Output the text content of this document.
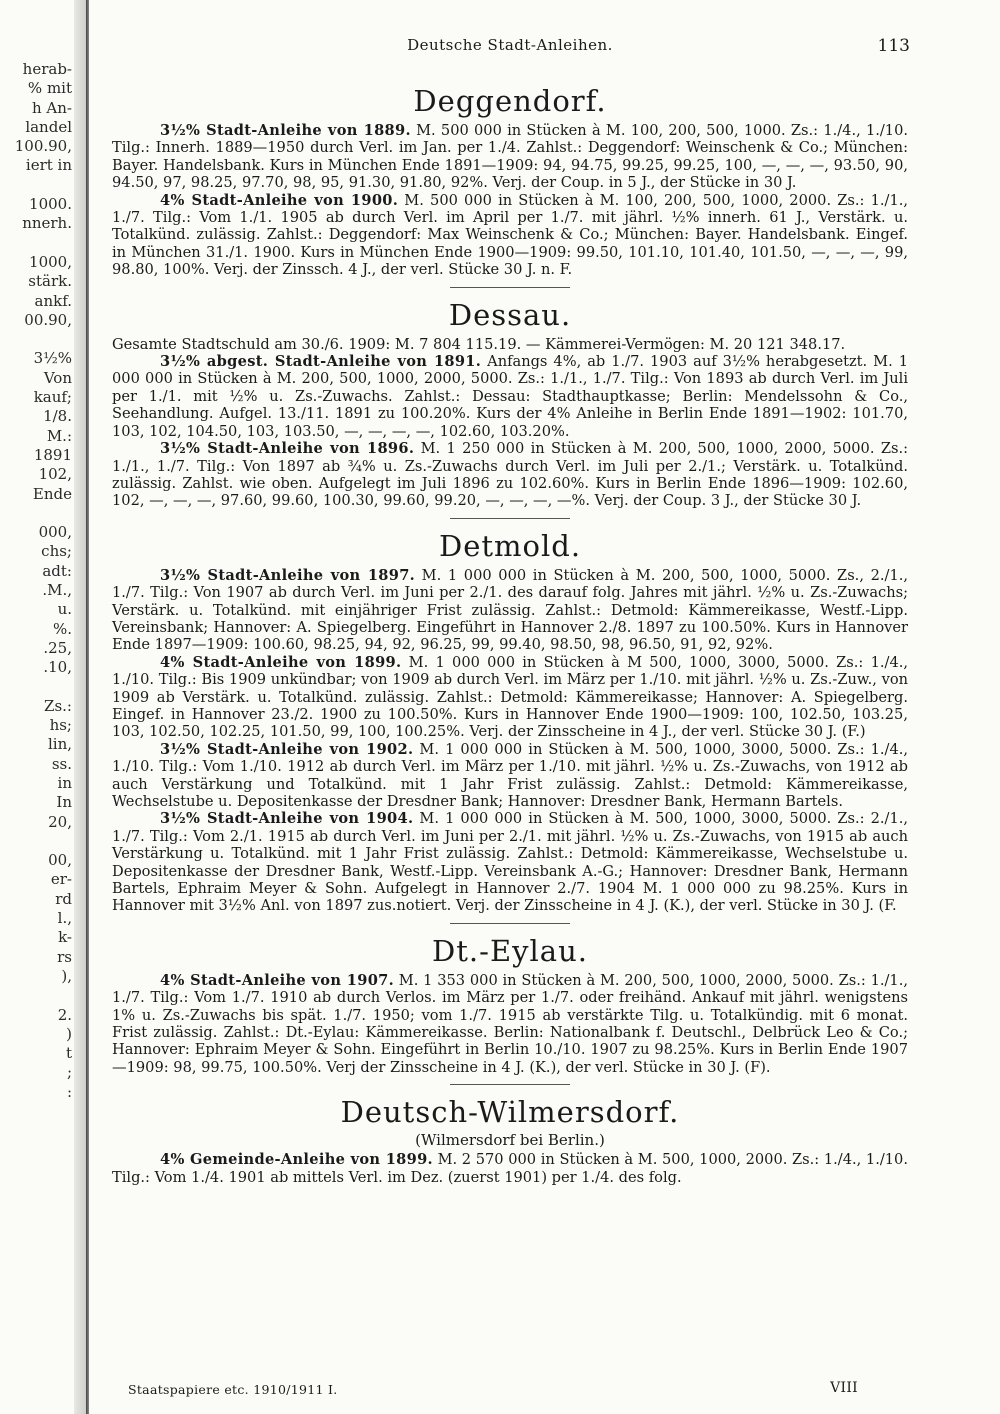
herab-
% mit
h An-
landel
100.90,
iert in
1000.
nnerh.
1000,
stärk.
ankf.
00.90,
3½%
Von
kauf;
1/8.
M.:
1891
102,
Ende
000,
chs;
adt:
.M.,
u.
%.
.25,
.10,
Zs.:
hs;
lin,
ss.
in
In
20,
00,
er-
rd
l.,
k-
rs
),
2.
)
t
;
:
Deutsche Stadt-Anleihen.	113
Deggendorf.

3½% Stadt-Anleihe von 1889. M. 500 000 in Stücken à M. 100, 200, 500, 1000. Zs.: 1./4., 1./10. Tilg.: Innerh. 1889—1950 durch Verl. im Jan. per 1./4. Zahlst.: Deggendorf: Weinschenk & Co.; München: Bayer. Handelsbank. Kurs in München Ende 1891—1909: 94, 94.75, 99.25, 99.25, 100, —, —, —, 93.50, 90, 94.50, 97, 98.25, 97.70, 98, 95, 91.30, 91.80, 92%. Verj. der Coup. in 5 J., der Stücke in 30 J.

4% Stadt-Anleihe von 1900. M. 500 000 in Stücken à M. 100, 200, 500, 1000, 2000. Zs.: 1./1., 1./7. Tilg.: Vom 1./1. 1905 ab durch Verl. im April per 1./7. mit jährl. ½% innerh. 61 J., Verstärk. u. Totalkünd. zulässig. Zahlst.: Deggendorf: Max Weinschenk & Co.; München: Bayer. Handelsbank. Eingef. in München 31./1. 1900. Kurs in München Ende 1900—1909: 99.50, 101.10, 101.40, 101.50, —, —, —, 99, 98.80, 100%. Verj. der Zinssch. 4 J., der verl. Stücke 30 J. n. F.

Dessau.

Gesamte Stadtschuld am 30./6. 1909: M. 7 804 115.19. — Kämmerei-Vermögen: M. 20 121 348.17.

3½% abgest. Stadt-Anleihe von 1891. Anfangs 4%, ab 1./7. 1903 auf 3½% herabgesetzt. M. 1 000 000 in Stücken à M. 200, 500, 1000, 2000, 5000. Zs.: 1./1., 1./7. Tilg.: Von 1893 ab durch Verl. im Juli per 1./1. mit ½% u. Zs.-Zuwachs. Zahlst.: Dessau: Stadthauptkasse; Berlin: Mendelssohn & Co., Seehandlung. Aufgel. 13./11. 1891 zu 100.20%. Kurs der 4% Anleihe in Berlin Ende 1891—1902: 101.70, 103, 102, 104.50, 103, 103.50, —, —, —, —, 102.60, 103.20%.

3½% Stadt-Anleihe von 1896. M. 1 250 000 in Stücken à M. 200, 500, 1000, 2000, 5000. Zs.: 1./1., 1./7. Tilg.: Von 1897 ab ¾% u. Zs.-Zuwachs durch Verl. im Juli per 2./1.; Verstärk. u. Totalkünd. zulässig. Zahlst. wie oben. Aufgelegt im Juli 1896 zu 102.60%. Kurs in Berlin Ende 1896—1909: 102.60, 102, —, —, —, 97.60, 99.60, 100.30, 99.60, 99.20, —, —, —, —%. Verj. der Coup. 3 J., der Stücke 30 J.

Detmold.

3½% Stadt-Anleihe von 1897. M. 1 000 000 in Stücken à M. 200, 500, 1000, 5000. Zs., 2./1., 1./7. Tilg.: Von 1907 ab durch Verl. im Juni per 2./1. des darauf folg. Jahres mit jährl. ½% u. Zs.-Zuwachs; Verstärk. u. Totalkünd. mit einjähriger Frist zulässig. Zahlst.: Detmold: Kämmereikasse, Westf.-Lipp. Vereinsbank; Hannover: A. Spiegelberg. Eingeführt in Hannover 2./8. 1897 zu 100.50%. Kurs in Hannover Ende 1897—1909: 100.60, 98.25, 94, 92, 96.25, 99, 99.40, 98.50, 98, 96.50, 91, 92, 92%.

4% Stadt-Anleihe von 1899. M. 1 000 000 in Stücken à M 500, 1000, 3000, 5000. Zs.: 1./4., 1./10. Tilg.: Bis 1909 unkündbar; von 1909 ab durch Verl. im März per 1./10. mit jährl. ½% u. Zs.-Zuw., von 1909 ab Verstärk. u. Totalkünd. zulässig. Zahlst.: Detmold: Kämmereikasse; Hannover: A. Spiegelberg. Eingef. in Hannover 23./2. 1900 zu 100.50%. Kurs in Hannover Ende 1900—1909: 100, 102.50, 103.25, 103, 102.50, 102.25, 101.50, 99, 100, 100.25%. Verj. der Zinsscheine in 4 J., der verl. Stücke 30 J. (F.)

3½% Stadt-Anleihe von 1902. M. 1 000 000 in Stücken à M. 500, 1000, 3000, 5000. Zs.: 1./4., 1./10. Tilg.: Vom 1./10. 1912 ab durch Verl. im März per 1./10. mit jährl. ½% u. Zs.-Zuwachs, von 1912 ab auch Verstärkung und Totalkünd. mit 1 Jahr Frist zulässig. Zahlst.: Detmold: Kämmereikasse, Wechselstube u. Depositenkasse der Dresdner Bank; Hannover: Dresdner Bank, Hermann Bartels.

3½% Stadt-Anleihe von 1904. M. 1 000 000 in Stücken à M. 500, 1000, 3000, 5000. Zs.: 2./1., 1./7. Tilg.: Vom 2./1. 1915 ab durch Verl. im Juni per 2./1. mit jährl. ½% u. Zs.-Zuwachs, von 1915 ab auch Verstärkung u. Totalkünd. mit 1 Jahr Frist zulässig. Zahlst.: Detmold: Kämmereikasse, Wechselstube u. Depositenkasse der Dresdner Bank, Westf.-Lipp. Vereinsbank A.-G.; Hannover: Dresdner Bank, Hermann Bartels, Ephraim Meyer & Sohn. Aufgelegt in Hannover 2./7. 1904 M. 1 000 000 zu 98.25%. Kurs in Hannover mit 3½% Anl. von 1897 zus.notiert. Verj. der Zinsscheine in 4 J. (K.), der verl. Stücke in 30 J. (F.

Dt.-Eylau.

4% Stadt-Anleihe von 1907. M. 1 353 000 in Stücken à M. 200, 500, 1000, 2000, 5000. Zs.: 1./1., 1./7. Tilg.: Vom 1./7. 1910 ab durch Verlos. im März per 1./7. oder freihänd. Ankauf mit jährl. wenigstens 1% u. Zs.-Zuwachs bis spät. 1./7. 1950; vom 1./7. 1915 ab verstärkte Tilg. u. Totalkündig. mit 6 monat. Frist zulässig. Zahlst.: Dt.-Eylau: Kämmereikasse. Berlin: Nationalbank f. Deutschl., Delbrück Leo & Co.; Hannover: Ephraim Meyer & Sohn. Eingeführt in Berlin 10./10. 1907 zu 98.25%. Kurs in Berlin Ende 1907—1909: 98, 99.75, 100.50%. Verj der Zinsscheine in 4 J. (K.), der verl. Stücke in 30 J. (F).

Deutsch-Wilmersdorf.
(Wilmersdorf bei Berlin.)

4% Gemeinde-Anleihe von 1899. M. 2 570 000 in Stücken à M. 500, 1000, 2000. Zs.: 1./4., 1./10. Tilg.: Vom 1./4. 1901 ab mittels Verl. im Dez. (zuerst 1901) per 1./4. des folg.

Staatspapiere etc. 1910/1911 I.	VIII
